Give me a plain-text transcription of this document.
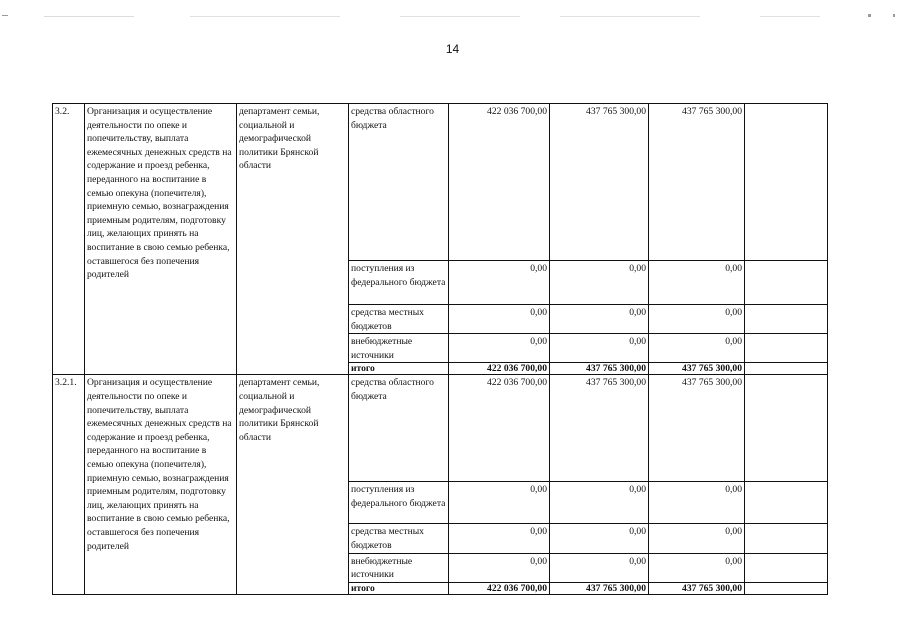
14
3.2.	Организация и осуществление деятельности по опеке и попечительству, выплата ежемесячных денежных средств на содержание и проезд ребенка, переданного на воспитание в семью опекуна (попечителя), приемную семью, вознаграждения приемным родителям, подготовку лиц, желающих принять на воспитание в свою семью ребенка, оставшегося без попечения родителей	департамент семьи, социальной и демографической политики Брянской области	средства областного бюджета	422 036 700,00	437 765 300,00	437 765 300,00	
			поступления из федерального бюджета	0,00	0,00	0,00	
			средства местных бюджетов	0,00	0,00	0,00	
			внебюджетные источники	0,00	0,00	0,00	
			итого	422 036 700,00	437 765 300,00	437 765 300,00	
3.2.1.	Организация и осуществление деятельности по опеке и попечительству, выплата ежемесячных денежных средств на содержание и проезд ребенка, переданного на воспитание в семью опекуна (попечителя), приемную семью, вознаграждения приемным родителям, подготовку лиц, желающих принять на воспитание в свою семью ребенка, оставшегося без попечения родителей	департамент семьи, социальной и демографической политики Брянской области	средства областного бюджета	422 036 700,00	437 765 300,00	437 765 300,00	
			поступления из федерального бюджета	0,00	0,00	0,00	
			средства местных бюджетов	0,00	0,00	0,00	
			внебюджетные источники	0,00	0,00	0,00	
			итого	422 036 700,00	437 765 300,00	437 765 300,00	
